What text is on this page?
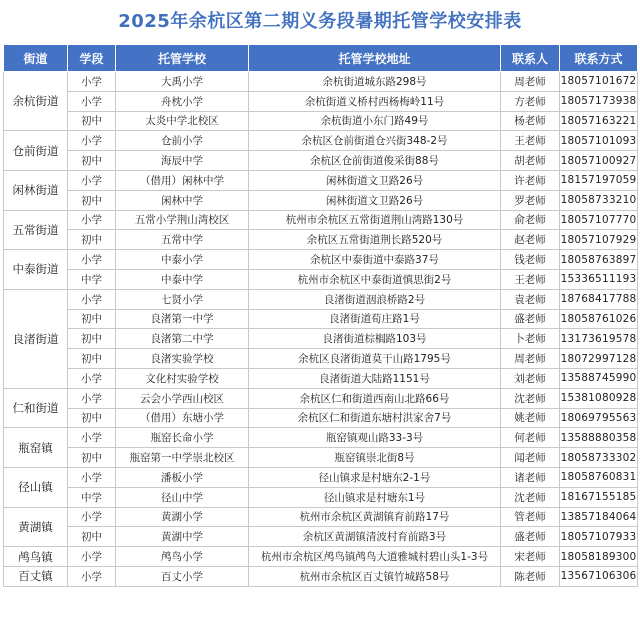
2025年余杭区第二期义务段暑期托管学校安排表
街道	学段	托管学校	托管学校地址	联系人	联系方式
余杭街道	小学	大禹小学	余杭街道城东路298号	周老师	18057101672
	小学	舟枕小学	余杭街道义桥村西杨梅岭11号	方老师	18057173938
	初中	太炎中学北校区	余杭街道小东门路49号	杨老师	18057163221
仓前街道	小学	仓前小学	余杭区仓前街道仓兴街348-2号	王老师	18057101093
	初中	海辰中学	余杭区仓前街道俊采街88号	胡老师	18057100927
闲林街道	小学	（借用）闲林中学	闲林街道文卫路26号	许老师	18157197059
	初中	闲林中学	闲林街道文卫路26号	罗老师	18058733210
五常街道	小学	五常小学荆山湾校区	杭州市余杭区五常街道荆山湾路130号	俞老师	18057107770
	初中	五常中学	余杭区五常街道荆长路520号	赵老师	18057107929
中泰街道	小学	中泰小学	余杭区中泰街道中泰路37号	钱老师	18058763897
	中学	中泰中学	杭州市余杭区中泰街道慎思街2号	王老师	15336511193
良渚街道	小学	七贤小学	良渚街道洇浪桥路2号	袁老师	18768417788
	初中	良渚第一中学	良渚街道荀庄路1号	盛老师	18058761026
	初中	良渚第二中学	良渚街道棕榈路103号	卜老师	13173619578
	初中	良渚实验学校	余杭区良渚街道莫干山路1795号	周老师	18072997128
	小学	文化村实验学校	良渚街道大陆路1151号	刘老师	13588745990
仁和街道	小学	云会小学西山校区	余杭区仁和街道西南山北路66号	沈老师	15381080928
	初中	（借用）东塘小学	余杭区仁和街道东塘村洪家舍7号	姚老师	18069795563
瓶窑镇	小学	瓶窑长命小学	瓶窑镇观山路33-3号	何老师	13588880358
	初中	瓶窑第一中学崇北校区	瓶窑镇崇北街8号	闻老师	18058733302
径山镇	小学	潘板小学	径山镇求是村塘东2-1号	诸老师	18058760831
	中学	径山中学	径山镇求是村塘东1号	沈老师	18167155185
黄湖镇	小学	黄湖小学	杭州市余杭区黄湖镇育前路17号	管老师	13857184064
	初中	黄湖中学	余杭区黄湖镇清波村育前路3号	盛老师	18057107933
鸬鸟镇	小学	鸬鸟小学	杭州市余杭区鸬鸟镇鸬鸟大道雅城村碧山头1-3号	宋老师	18058189300
百丈镇	小学	百丈小学	杭州市余杭区百丈镇竹城路58号	陈老师	13567106306
